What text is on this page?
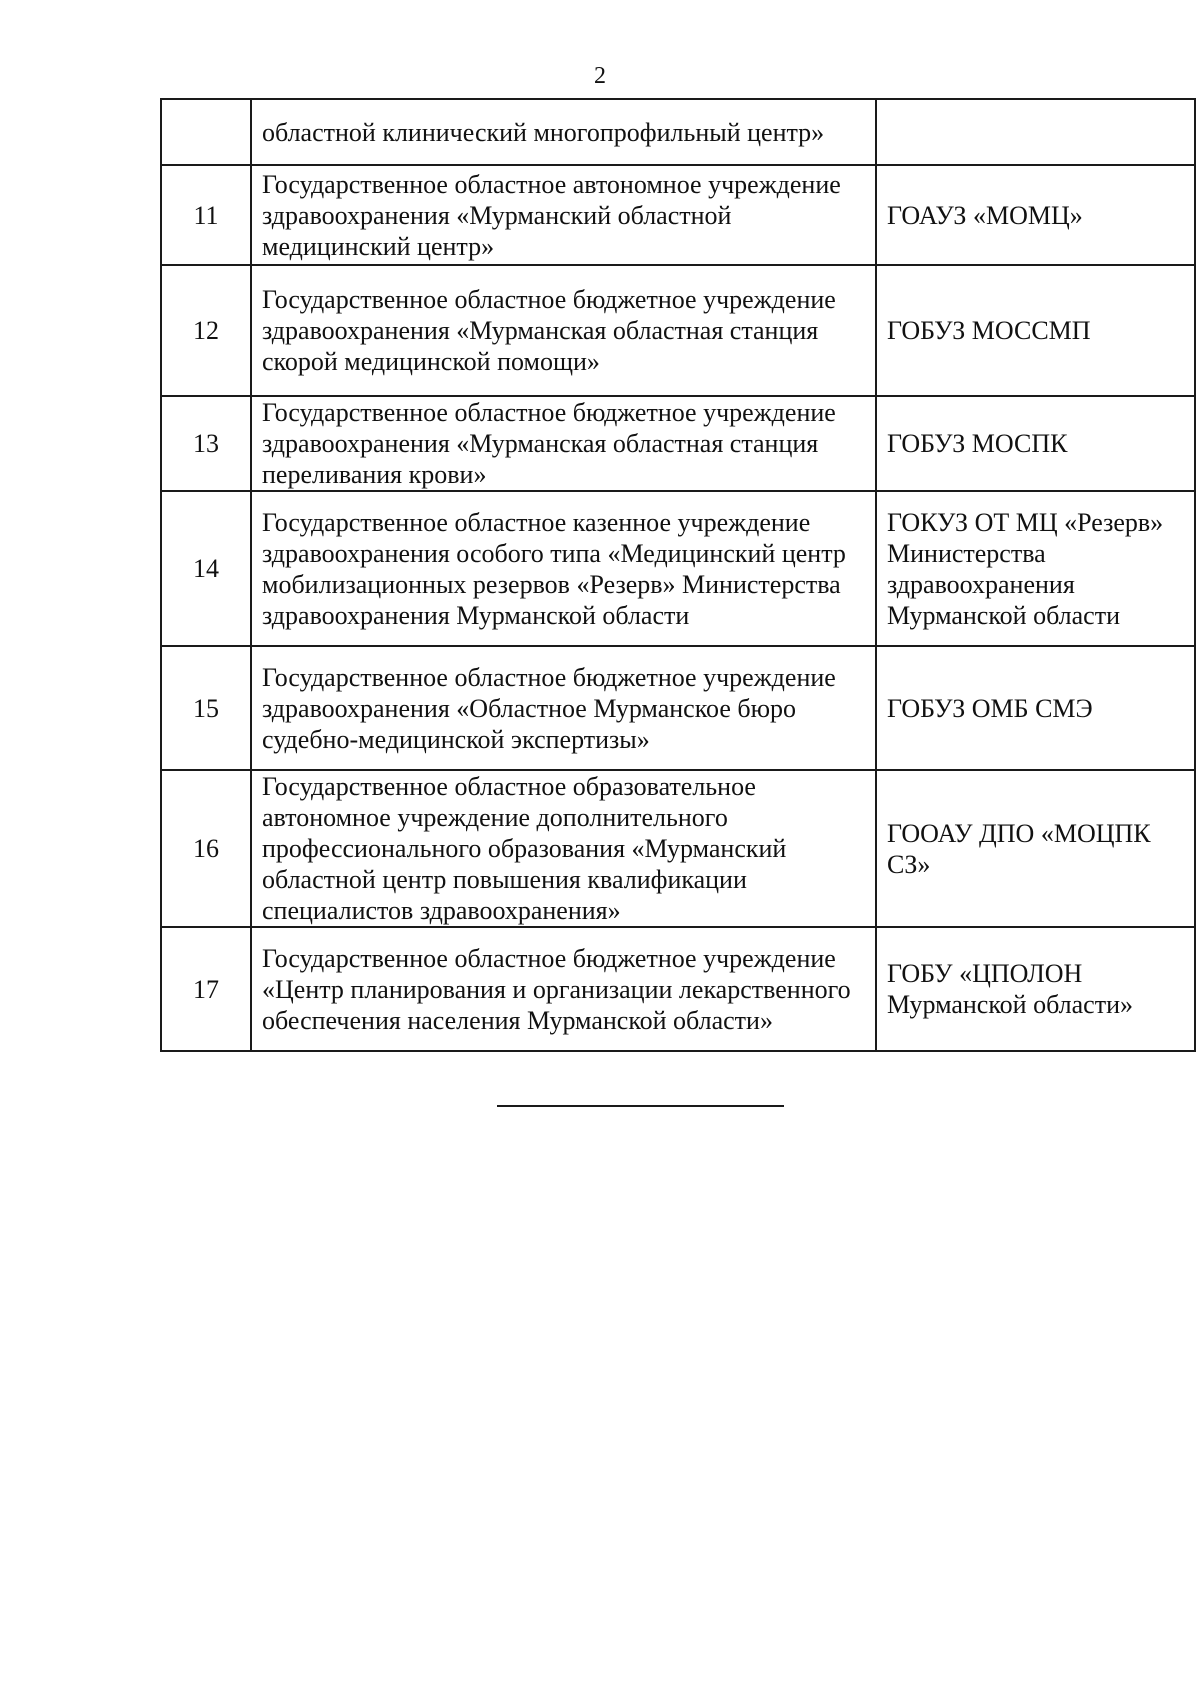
2
	областной клинический многопрофильный центр»	
11	Государственное областное автономное учреждение здравоохранения «Мурманский областной медицинский центр»	ГОАУЗ «МОМЦ»
12	Государственное областное бюджетное учреждение здравоохранения «Мурманская областная станция скорой медицинской помощи»	ГОБУЗ МОССМП
13	Государственное областное бюджетное учреждение здравоохранения «Мурманская областная станция переливания крови»	ГОБУЗ МОСПК
14	Государственное областное казенное учреждение здравоохранения особого типа «Медицинский центр мобилизационных резервов «Резерв» Министерства здравоохранения Мурманской области	ГОКУЗ ОТ МЦ «Резерв» Министерства здравоохранения Мурманской области
15	Государственное областное бюджетное учреждение здравоохранения «Областное Мурманское бюро судебно-медицинской экспертизы»	ГОБУЗ ОМБ СМЭ
16	Государственное областное образовательное автономное учреждение дополнительного профессионального образования «Мурманский областной центр повышения квалификации специалистов здравоохранения»	ГООАУ ДПО «МОЦПК СЗ»
17	Государственное областное бюджетное учреждение «Центр планирования и организации лекарственного обеспечения населения Мурманской области»	ГОБУ «ЦПОЛОН Мурманской области»
